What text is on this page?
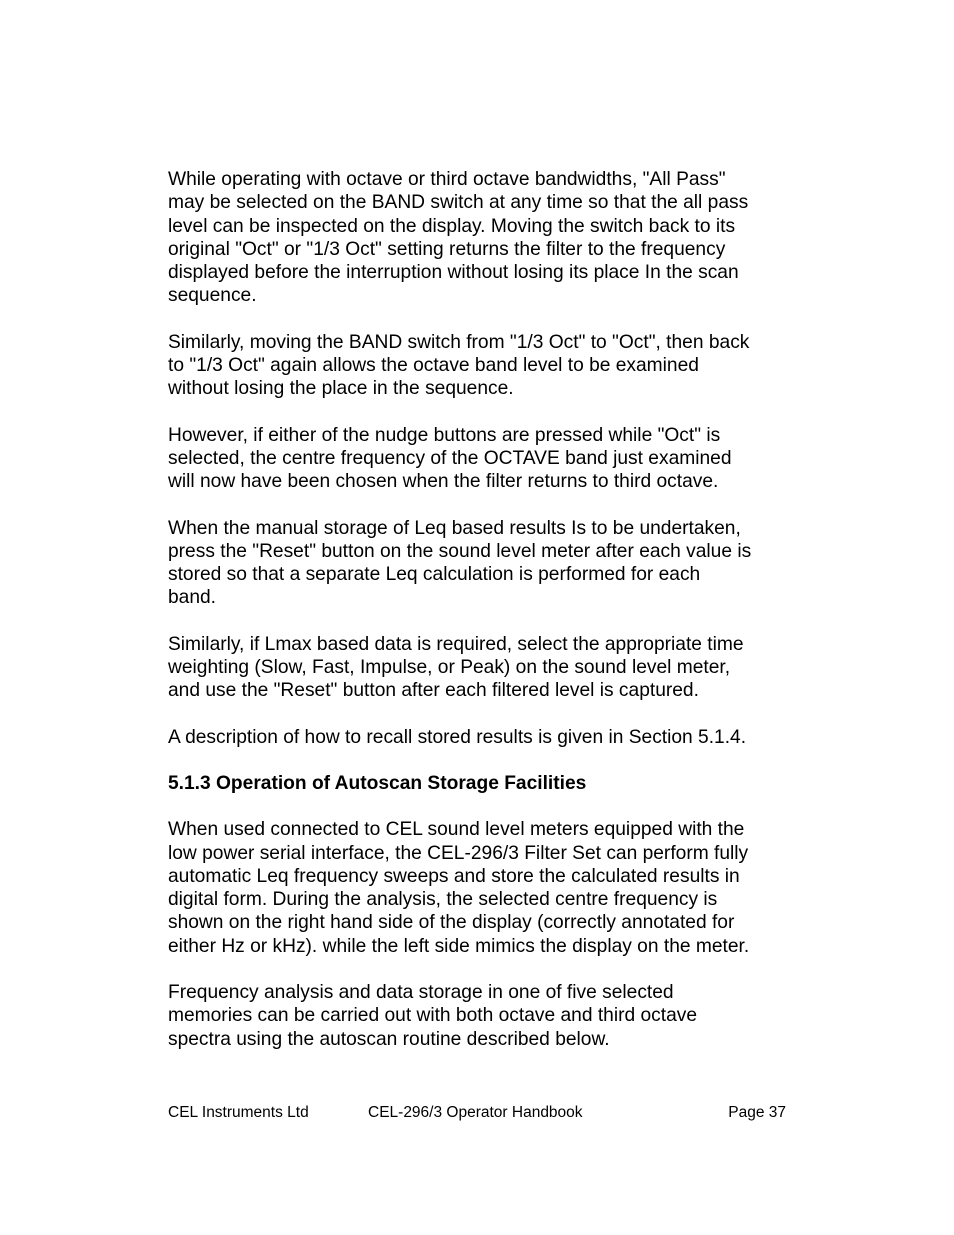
While operating with octave or third octave bandwidths, "All Pass"
may be selected on the BAND switch at any time so that the all pass
level can be inspected on the display. Moving the switch back to its
original "Oct" or "1/3 Oct" setting returns the filter to the frequency
displayed before the interruption without losing its place In the scan
sequence.
Similarly, moving the BAND switch from "1/3 Oct" to "Oct", then back
to "1/3 Oct" again allows the octave band level to be examined
without losing the place in the sequence.
However, if either of the nudge buttons are pressed while "Oct" is
selected, the centre frequency of the OCTAVE band just examined
will now have been chosen when the filter returns to third octave.
When the manual storage of Leq based results Is to be undertaken,
press the "Reset" button on the sound level meter after each value is
stored so that a separate Leq calculation is performed for each
band.
Similarly, if Lmax based data is required, select the appropriate time
weighting (Slow, Fast, Impulse, or Peak) on the sound level meter,
and use the "Reset" button after each filtered level is captured.
A description of how to recall stored results is given in Section 5.1.4.
5.1.3 Operation of Autoscan Storage Facilities
When used connected to CEL sound level meters equipped with the
low power serial interface, the CEL-296/3 Filter Set can perform fully
automatic Leq frequency sweeps and store the calculated results in
digital form. During the analysis, the selected centre frequency is
shown on the right hand side of the display (correctly annotated for
either Hz or kHz). while the left side mimics the display on the meter.
Frequency analysis and data storage in one of five selected
memories can be carried out with both octave and third octave
spectra using the autoscan routine described below.
CEL Instruments Ltd	CEL-296/3 Operator Handbook	Page 37
